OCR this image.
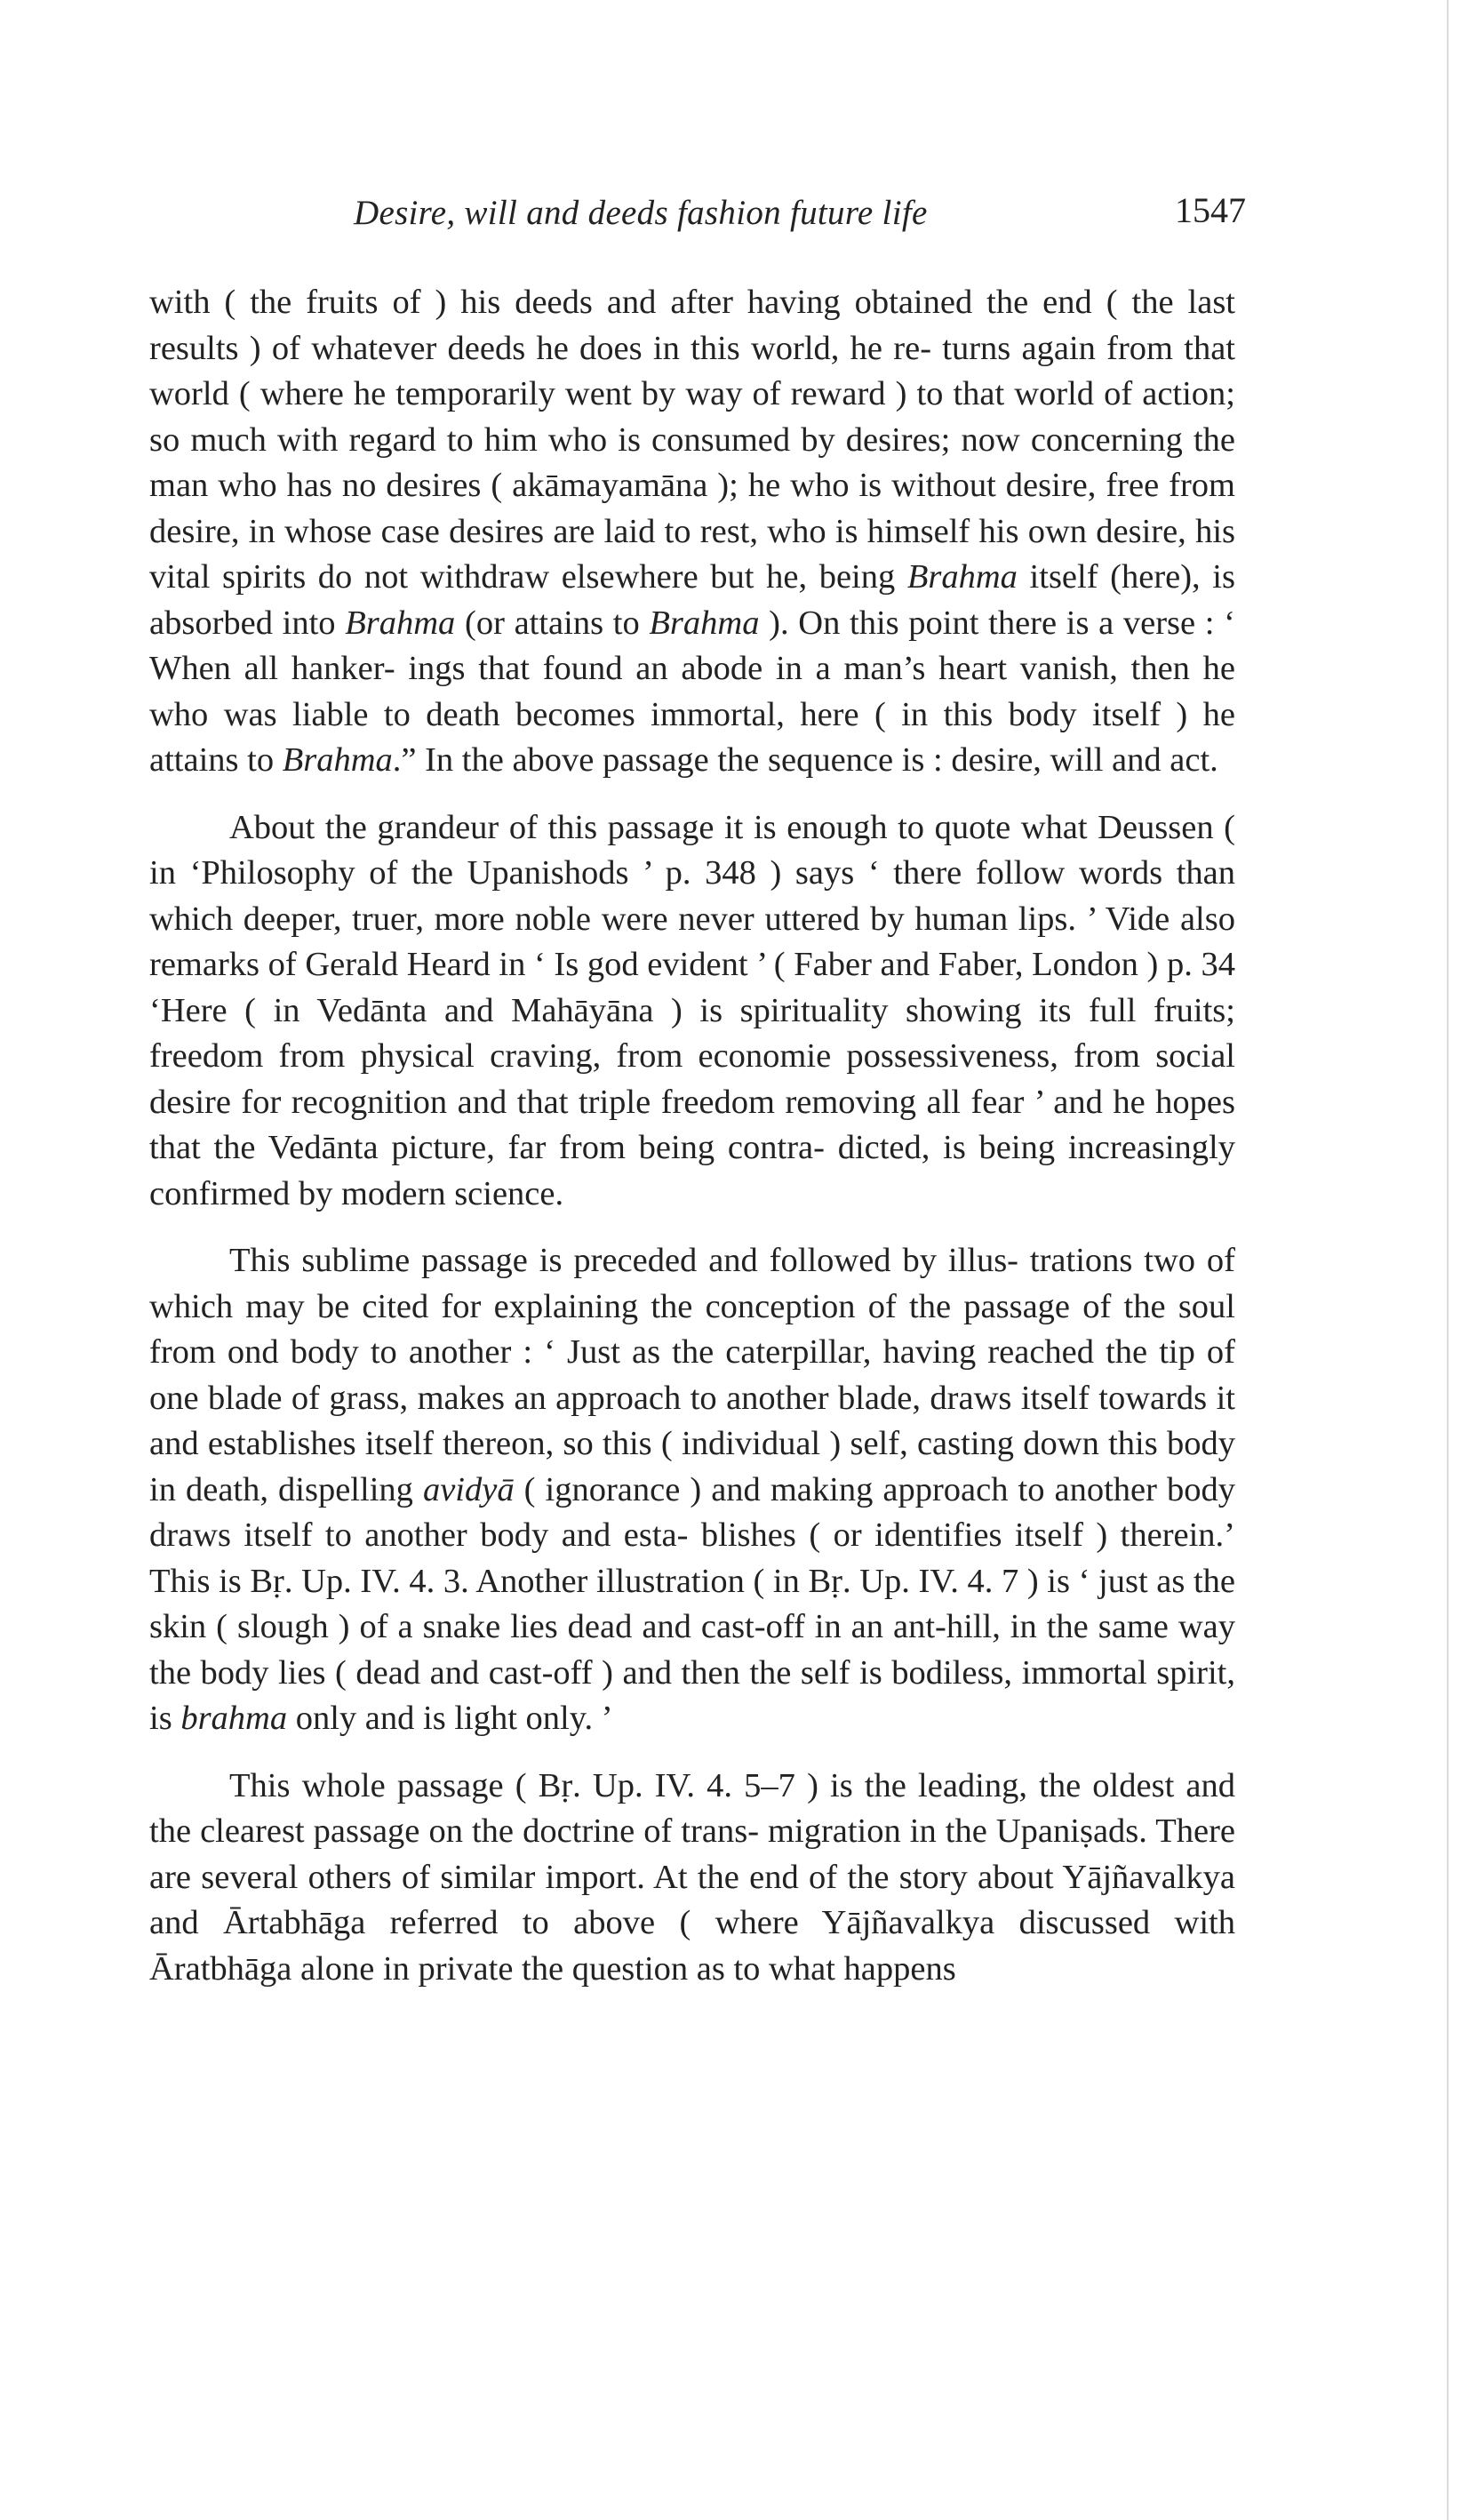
Desire, will and deeds fashion future life	1547

with ( the fruits of ) his deeds and after having obtained the end ( the last results ) of whatever deeds he does in this world, he re- turns again from that world ( where he temporarily went by way of reward ) to that world of action; so much with regard to him who is consumed by desires; now concerning the man who has no desires ( akāmayamāna ); he who is without desire, free from desire, in whose case desires are laid to rest, who is himself his own desire, his vital spirits do not withdraw elsewhere but he, being Brahma itself (here), is absorbed into Brahma (or attains to Brahma ). On this point there is a verse : ‘ When all hanker- ings that found an abode in a man’s heart vanish, then he who was liable to death becomes immortal, here ( in this body itself ) he attains to Brahma.” In the above passage the sequence is : desire, will and act.

About the grandeur of this passage it is enough to quote what Deussen ( in ‘Philosophy of the Upanishods ’ p. 348 ) says ‘ there follow words than which deeper, truer, more noble were never uttered by human lips. ’ Vide also remarks of Gerald Heard in ‘ Is god evident ’ ( Faber and Faber, London ) p. 34 ‘Here ( in Vedānta and Mahāyāna ) is spirituality showing its full fruits; freedom from physical craving, from economie possessiveness, from social desire for recognition and that triple freedom removing all fear ’ and he hopes that the Vedānta picture, far from being contra- dicted, is being increasingly confirmed by modern science.

This sublime passage is preceded and followed by illus- trations two of which may be cited for explaining the conception of the passage of the soul from ond body to another : ‘ Just as the caterpillar, having reached the tip of one blade of grass, makes an approach to another blade, draws itself towards it and establishes itself thereon, so this ( individual ) self, casting down this body in death, dispelling avidyā ( ignorance ) and making approach to another body draws itself to another body and esta- blishes ( or identifies itself ) therein.’ This is Bṛ. Up. IV. 4. 3. Another illustration ( in Bṛ. Up. IV. 4. 7 ) is ‘ just as the skin ( slough ) of a snake lies dead and cast-off in an ant-hill, in the same way the body lies ( dead and cast-off ) and then the self is bodiless, immortal spirit, is brahma only and is light only. ’

This whole passage ( Bṛ. Up. IV. 4. 5–7 ) is the leading, the oldest and the clearest passage on the doctrine of trans- migration in the Upaniṣads. There are several others of similar import. At the end of the story about Yājñavalkya and Ārtabhāga referred to above ( where Yājñavalkya discussed with Āratbhāga alone in private the question as to what happens
